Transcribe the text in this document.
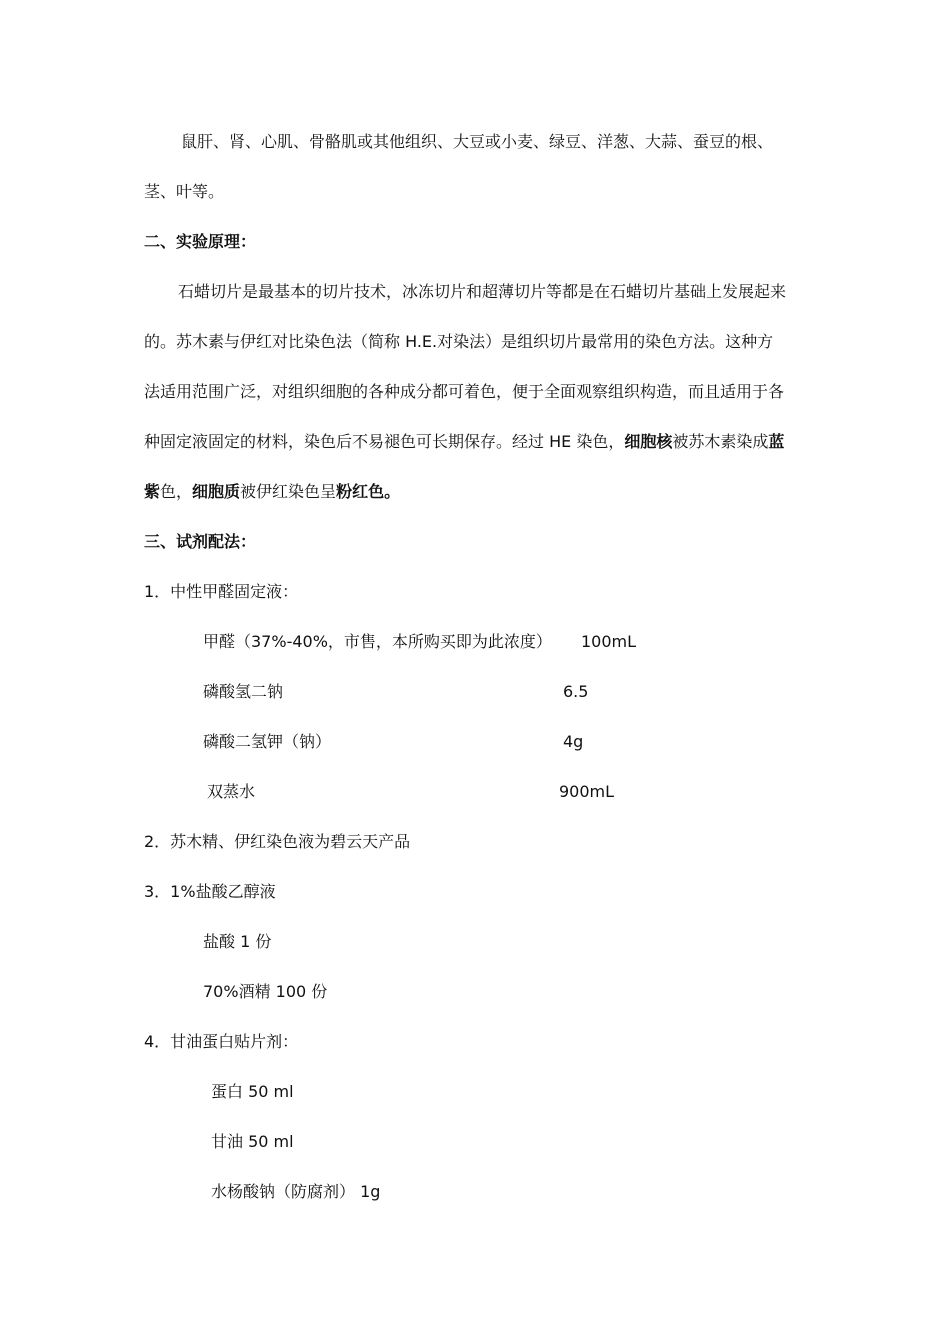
鼠肝、肾、心肌、骨骼肌或其他组织、大豆或小麦、绿豆、洋葱、大蒜、蚕豆的根、
茎、叶等。
二、实验原理：
石蜡切片是最基本的切片技术，冰冻切片和超薄切片等都是在石蜡切片基础上发展起来
的。苏木素与伊红对比染色法（简称 H.E.对染法）是组织切片最常用的染色方法。这种方
法适用范围广泛，对组织细胞的各种成分都可着色，便于全面观察组织构造，而且适用于各
种固定液固定的材料，染色后不易褪色可长期保存。经过 HE 染色，细胞核被苏木素染成蓝
紫色，细胞质被伊红染色呈粉红色。
三、试剂配法：
1．中性甲醛固定液：
甲醛（37%-40%，市售，本所购买即为此浓度） 100mL
磷酸氢二钠	6.5
磷酸二氢钾（钠）	4g
双蒸水	900mL
2．苏木精、伊红染色液为碧云天产品
3．1%盐酸乙醇液
盐酸 1 份
70%酒精 100 份
4．甘油蛋白贴片剂：
蛋白 50 ml
甘油 50 ml
水杨酸钠（防腐剂） 1g
